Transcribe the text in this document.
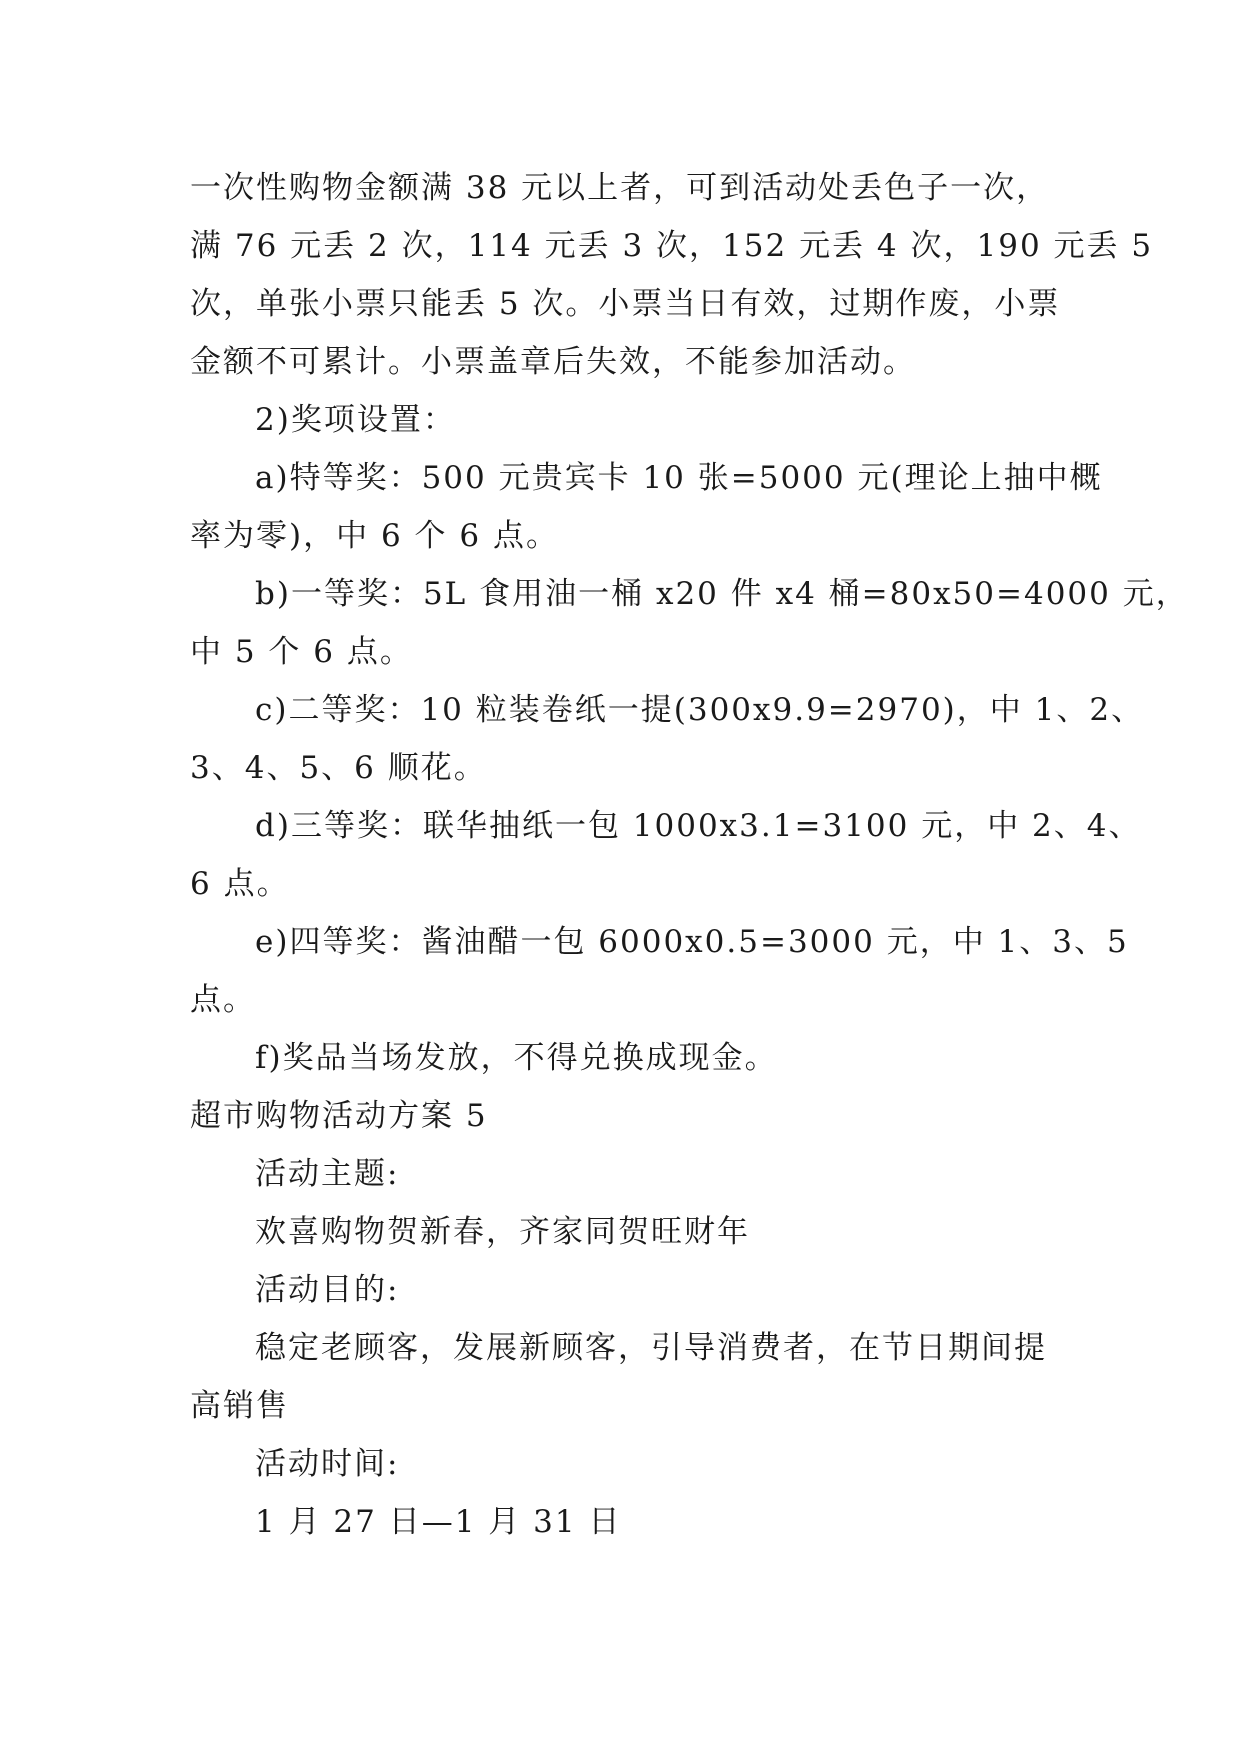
一次性购物金额满 38 元以上者，可到活动处丢色子一次，
满 76 元丢 2 次，114 元丢 3 次，152 元丢 4 次，190 元丢 5
次，单张小票只能丢 5 次。小票当日有效，过期作废，小票
金额不可累计。小票盖章后失效，不能参加活动。
2)奖项设置：
a)特等奖：500 元贵宾卡 10 张=5000 元(理论上抽中概
率为零)，中 6 个 6 点。
b)一等奖：5L 食用油一桶 x20 件 x4 桶=80x50=4000 元，
中 5 个 6 点。
c)二等奖：10 粒装卷纸一提(300x9.9=2970)，中 1、2、
3、4、5、6 顺花。
d)三等奖：联华抽纸一包 1000x3.1=3100 元，中 2、4、
6 点。
e)四等奖：酱油醋一包 6000x0.5=3000 元，中 1、3、5
点。
f)奖品当场发放，不得兑换成现金。
超市购物活动方案 5
活动主题:
欢喜购物贺新春，齐家同贺旺财年
活动目的:
稳定老顾客，发展新顾客，引导消费者，在节日期间提
高销售
活动时间:
1 月 27 日—1 月 31 日
